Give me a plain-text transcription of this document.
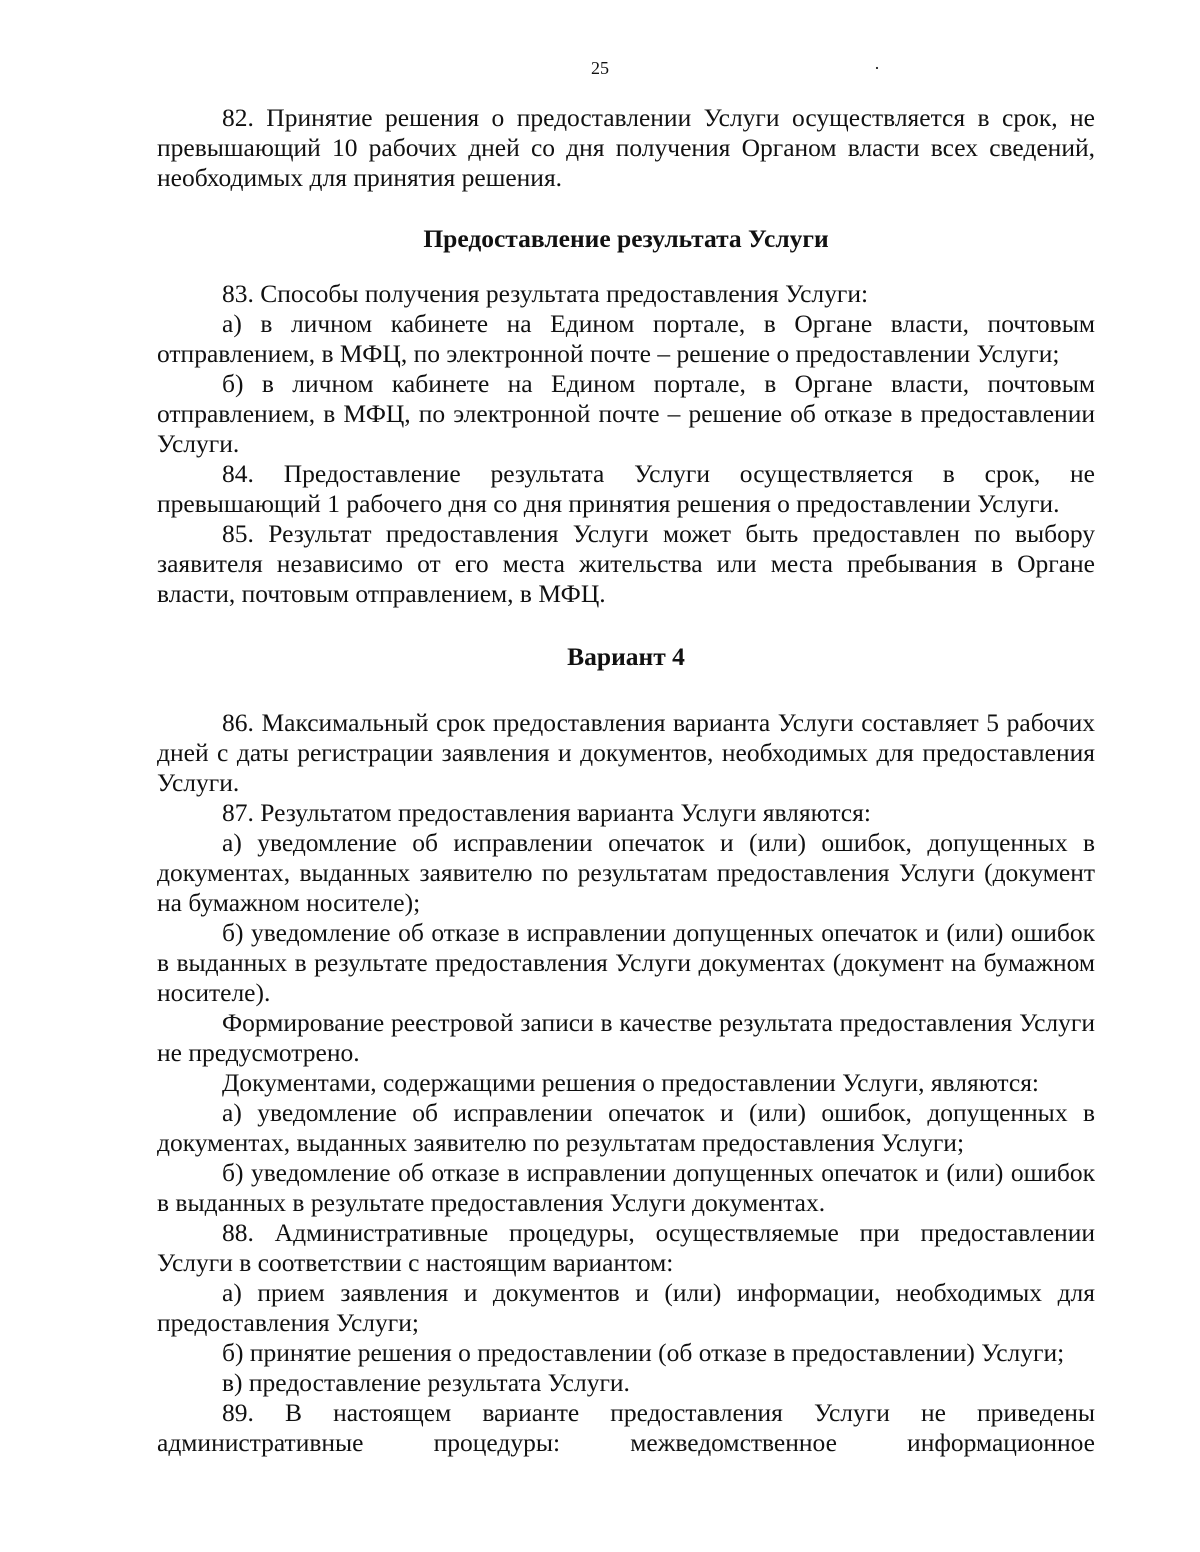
25	·

82. Принятие решения о предоставлении Услуги осуществляется в срок, не превышающий 10 рабочих дней со дня получения Органом власти всех сведений, необходимых для принятия решения.

Предоставление результата Услуги

83. Способы получения результата предоставления Услуги:

а) в личном кабинете на Едином портале, в Органе власти, почтовым отправлением, в МФЦ, по электронной почте – решение о предоставлении Услуги;

б) в личном кабинете на Едином портале, в Органе власти, почтовым отправлением, в МФЦ, по электронной почте – решение об отказе в предоставлении Услуги.

84. Предоставление результата Услуги осуществляется в срок, не превышающий 1 рабочего дня со дня принятия решения о предоставлении Услуги.

85. Результат предоставления Услуги может быть предоставлен по выбору заявителя независимо от его места жительства или места пребывания в Органе власти, почтовым отправлением, в МФЦ.

Вариант 4

86. Максимальный срок предоставления варианта Услуги составляет 5 рабочих дней с даты регистрации заявления и документов, необходимых для предоставления Услуги.

87. Результатом предоставления варианта Услуги являются:

а) уведомление об исправлении опечаток и (или) ошибок, допущенных в документах, выданных заявителю по результатам предоставления Услуги (документ на бумажном носителе);

б) уведомление об отказе в исправлении допущенных опечаток и (или) ошибок в выданных в результате предоставления Услуги документах (документ на бумажном носителе).

Формирование реестровой записи в качестве результата предоставления Услуги не предусмотрено.

Документами, содержащими решения о предоставлении Услуги, являются:

а) уведомление об исправлении опечаток и (или) ошибок, допущенных в документах, выданных заявителю по результатам предоставления Услуги;

б) уведомление об отказе в исправлении допущенных опечаток и (или) ошибок в выданных в результате предоставления Услуги документах.

88. Административные процедуры, осуществляемые при предоставлении Услуги в соответствии с настоящим вариантом:

а) прием заявления и документов и (или) информации, необходимых для предоставления Услуги;

б) принятие решения о предоставлении (об отказе в предоставлении) Услуги;

в) предоставление результата Услуги.

89. В настоящем варианте предоставления Услуги не приведены административные процедуры: межведомственное информационное
